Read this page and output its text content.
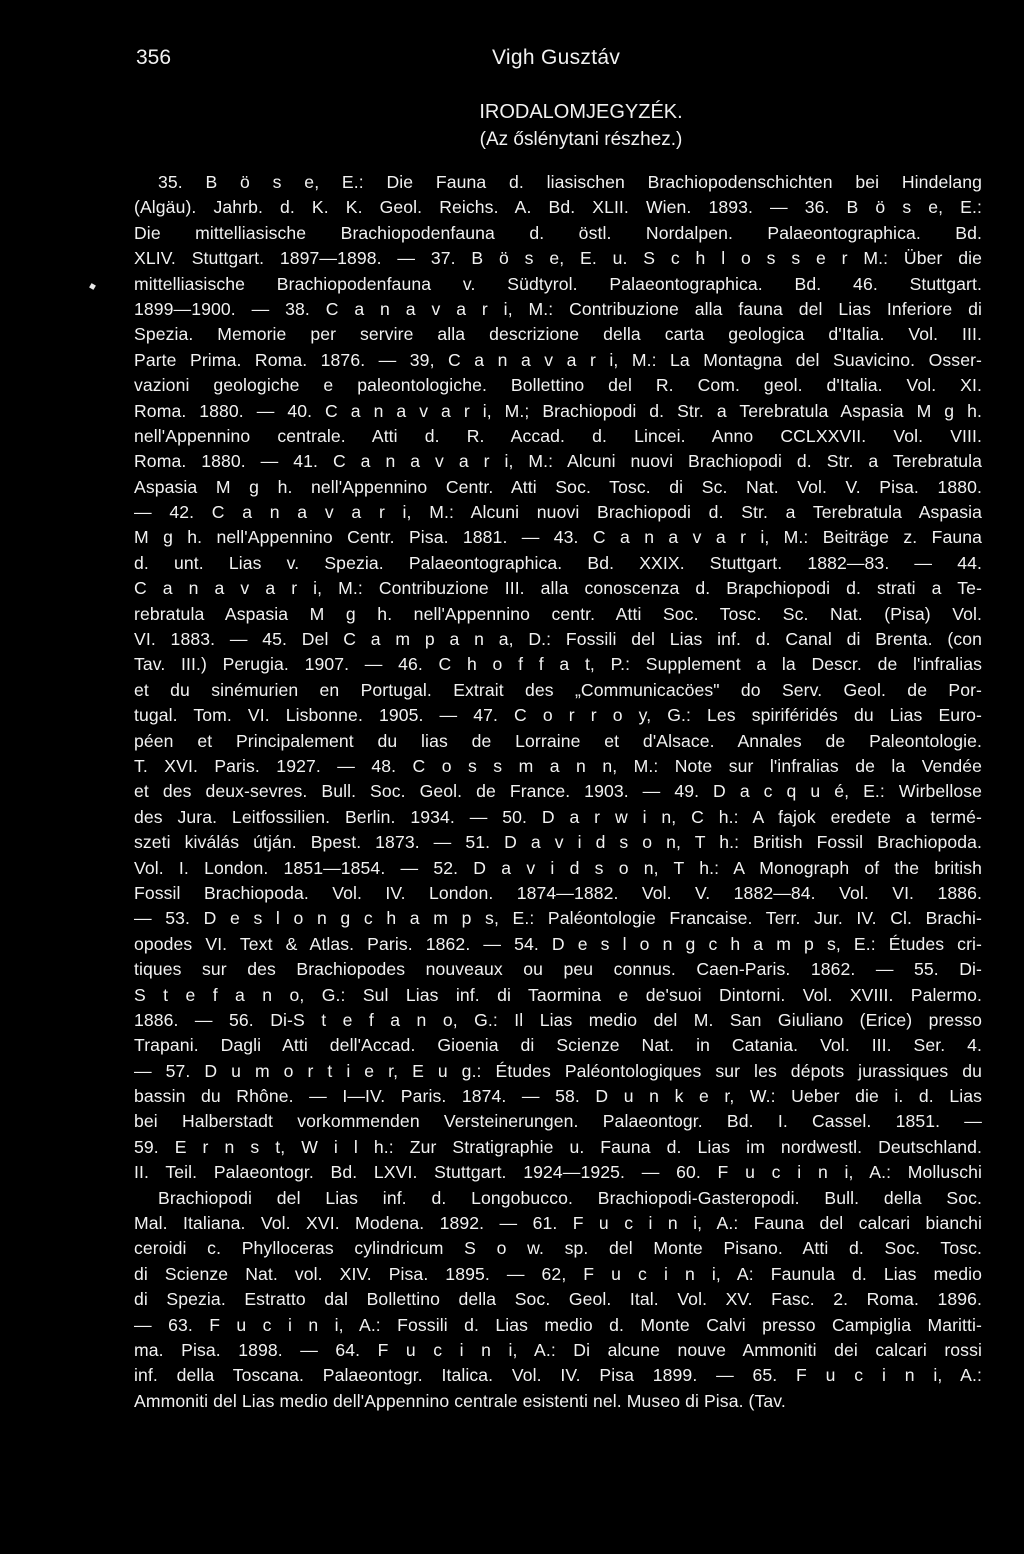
356	Vigh Gusztáv
IRODALOMJEGYZÉK.
(Az őslénytani részhez.)
35. B ö s e, E.: Die Fauna d. liasischen Brachiopodenschichten bei Hindelang
(Algäu). Jahrb. d. K. K. Geol. Reichs. A. Bd. XLII. Wien. 1893. — 36. B ö s e, E.:
Die mittelliasische Brachiopodenfauna d. östl. Nordalpen. Palaeontographica. Bd.
XLIV. Stuttgart. 1897—1898. — 37. B ö s e, E. u. S c h l o s s e r M.: Über die
mittelliasische Brachiopodenfauna v. Südtyrol. Palaeontographica. Bd. 46. Stuttgart.
1899—1900. — 38. C a n a v a r i, M.: Contribuzione alla fauna del Lias Inferiore di
Spezia. Memorie per servire alla descrizione della carta geologica d'Italia. Vol. III.
Parte Prima. Roma. 1876. — 39, C a n a v a r i, M.: La Montagna del Suavicino. Osser-
vazioni geologiche e paleontologiche. Bollettino del R. Com. geol. d'Italia. Vol. XI.
Roma. 1880. — 40. C a n a v a r i, M.; Brachiopodi d. Str. a Terebratula Aspasia M g h.
nell'Appennino centrale. Atti d. R. Accad. d. Lincei. Anno CCLXXVII. Vol. VIII.
Roma. 1880. — 41. C a n a v a r i, M.: Alcuni nuovi Brachiopodi d. Str. a Terebratula
Aspasia M g h. nell'Appennino Centr. Atti Soc. Tosc. di Sc. Nat. Vol. V. Pisa. 1880.
— 42. C a n a v a r i, M.: Alcuni nuovi Brachiopodi d. Str. a Terebratula Aspasia
M g h. nell'Appennino Centr. Pisa. 1881. — 43. C a n a v a r i, M.: Beiträge z. Fauna
d. unt. Lias v. Spezia. Palaeontographica. Bd. XXIX. Stuttgart. 1882—83. — 44.
C a n a v a r i, M.: Contribuzione III. alla conoscenza d. Brapchiopodi d. strati a Te-
rebratula Aspasia M g h. nell'Appennino centr. Atti Soc. Tosc. Sc. Nat. (Pisa) Vol.
VI. 1883. — 45. Del C a m p a n a, D.: Fossili del Lias inf. d. Canal di Brenta. (con
Tav. III.) Perugia. 1907. — 46. C h o f f a t, P.: Supplement a la Descr. de l'infralias
et du sinémurien en Portugal. Extrait des „Communicacöes" do Serv. Geol. de Por-
tugal. Tom. VI. Lisbonne. 1905. — 47. C o r r o y, G.: Les spiriféridés du Lias Euro-
péen et Principalement du lias de Lorraine et d'Alsace. Annales de Paleontologie.
T. XVI. Paris. 1927. — 48. C o s s m a n n, M.: Note sur l'infralias de la Vendée
et des deux-sevres. Bull. Soc. Geol. de France. 1903. — 49. D a c q u é, E.: Wirbellose
des Jura. Leitfossilien. Berlin. 1934. — 50. D a r w i n, C h.: A fajok eredete a termé-
szeti kiválás útján. Bpest. 1873. — 51. D a v i d s o n, T h.: British Fossil Brachiopoda.
Vol. I. London. 1851—1854. — 52. D a v i d s o n, T h.: A Monograph of the british
Fossil Brachiopoda. Vol. IV. London. 1874—1882. Vol. V. 1882—84. Vol. VI. 1886.
— 53. D e s l o n g c h a m p s, E.: Paléontologie Francaise. Terr. Jur. IV. Cl. Brachi-
opodes VI. Text & Atlas. Paris. 1862. — 54. D e s l o n g c h a m p s, E.: Études cri-
tiques sur des Brachiopodes nouveaux ou peu connus. Caen-Paris. 1862. — 55. Di-
S t e f a n o, G.: Sul Lias inf. di Taormina e de'suoi Dintorni. Vol. XVIII. Palermo.
1886. — 56. Di-S t e f a n o, G.: Il Lias medio del M. San Giuliano (Erice) presso
Trapani. Dagli Atti dell'Accad. Gioenia di Scienze Nat. in Catania. Vol. III. Ser. 4.
— 57. D u m o r t i e r, E u g.: Études Paléontologiques sur les dépots jurassiques du
bassin du Rhône. — I—IV. Paris. 1874. — 58. D u n k e r, W.: Ueber die i. d. Lias
bei Halberstadt vorkommenden Versteinerungen. Palaeontogr. Bd. I. Cassel. 1851. —
59. E r n s t, W i l h.: Zur Stratigraphie u. Fauna d. Lias im nordwestl. Deutschland.
II. Teil. Palaeontogr. Bd. LXVI. Stuttgart. 1924—1925. — 60. F u c i n i, A.: Molluschi
Brachiopodi del Lias inf. d. Longobucco. Brachiopodi-Gasteropodi. Bull. della Soc.
Mal. Italiana. Vol. XVI. Modena. 1892. — 61. F u c i n i, A.: Fauna del calcari bianchi
ceroidi c. Phylloceras cylindricum S o w. sp. del Monte Pisano. Atti d. Soc. Tosc.
di Scienze Nat. vol. XIV. Pisa. 1895. — 62, F u c i n i, A: Faunula d. Lias medio
di Spezia. Estratto dal Bollettino della Soc. Geol. Ital. Vol. XV. Fasc. 2. Roma. 1896.
— 63. F u c i n i, A.: Fossili d. Lias medio d. Monte Calvi presso Campiglia Maritti-
ma. Pisa. 1898. — 64. F u c i n i, A.: Di alcune nouve Ammoniti dei calcari rossi
inf. della Toscana. Palaeontogr. Italica. Vol. IV. Pisa 1899. — 65. F u c i n i, A.:
Ammoniti del Lias medio dell'Appennino centrale esistenti nel. Museo di Pisa. (Tav.
